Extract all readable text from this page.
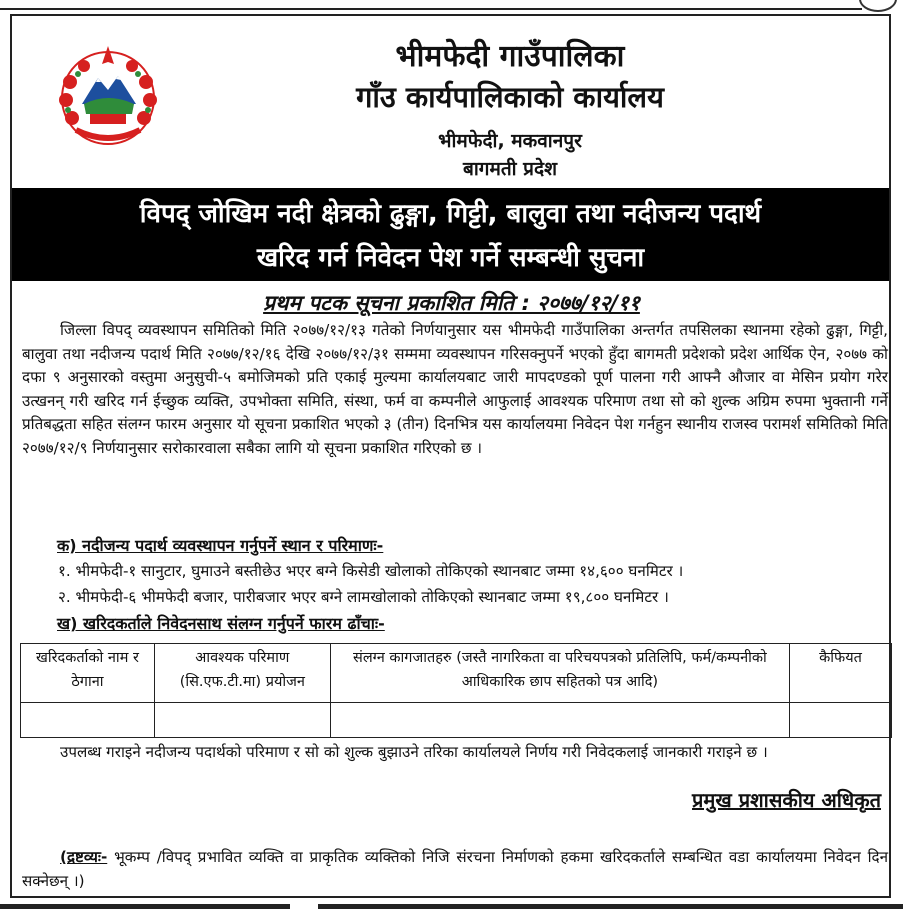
भीमफेदी गाउँपालिका
गाँउ कार्यपालिकाको कार्यालय
भीमफेदी, मकवानपुर
बागमती प्रदेश
विपद् जोखिम नदी क्षेत्रको ढुङ्गा, गिट्टी, बालुवा तथा नदीजन्य पदार्थ
खरिद गर्न निवेदन पेश गर्ने सम्बन्धी सुचना
प्रथम पटक सूचना प्रकाशित मिति : २०७७/१२/११
जिल्ला विपद् व्यवस्थापन समितिको मिति २०७७/१२/१३ गतेको निर्णयानुसार यस भीमफेदी गाउँपालिका अन्तर्गत तपसिलका स्थानमा रहेको ढुङ्गा, गिट्टी, बालुवा तथा नदीजन्य पदार्थ मिति २०७७/१२/१६ देखि २०७७/१२/३१ सम्ममा व्यवस्थापन गरिसक्नुपर्ने भएको हुँदा बागमती प्रदेशको प्रदेश आर्थिक ऐन, २०७७ को दफा ९ अनुसारको वस्तुमा अनुसुची-५ बमोजिमको प्रति एकाई मुल्यमा कार्यालयबाट जारी मापदण्डको पूर्ण पालना गरी आफ्नै औजार वा मेसिन प्रयोग गरेर उत्खनन् गरी खरिद गर्न ईच्छुक व्यक्ति, उपभोक्ता समिति, संस्था, फर्म वा कम्पनीले आफुलाई आवश्यक परिमाण तथा सो को शुल्क अग्रिम रुपमा भुक्तानी गर्ने प्रतिबद्धता सहित संलग्न फारम अनुसार यो सूचना प्रकाशित भएको ३ (तीन) दिनभित्र यस कार्यालयमा निवेदन पेश गर्नहुन स्थानीय राजस्व परामर्श समितिको मिति २०७७/१२/९ निर्णयानुसार सरोकारवाला सबैका लागि यो सूचना प्रकाशित गरिएको छ ।
क) नदीजन्य पदार्थ व्यवस्थापन गर्नुपर्ने स्थान र परिमाणः-
१. भीमफेदी-१ सानुटार, घुमाउने बस्तीछेउ भएर बग्ने किसेडी खोलाको तोकिएको स्थानबाट जम्मा १४,६०० घनमिटर ।
२. भीमफेदी-६ भीमफेदी बजार, पारीबजार भएर बग्ने लामखोलाको तोकिएको स्थानबाट जम्मा १९,८०० घनमिटर ।
ख) खरिदकर्ताले निवेदनसाथ संलग्न गर्नुपर्ने फारम ढाँचाः-
खरिदकर्ताको नाम र ठेगाना	आवश्यक परिमाण (सि.एफ.टी.मा) प्रयोजन	संलग्न कागजातहरु (जस्तै नागरिकता वा परिचयपत्रको प्रतिलिपि, फर्म/कम्पनीको आधिकारिक छाप सहितको पत्र आदि)	कैफियत

उपलब्ध गराइने नदीजन्य पदार्थको परिमाण र सो को शुल्क बुझाउने तरिका कार्यालयले निर्णय गरी निवेदकलाई जानकारी गराइने छ ।
प्रमुख प्रशासकीय अधिकृत
(द्रष्टव्यः- भूकम्प /विपद् प्रभावित व्यक्ति वा प्राकृतिक व्यक्तिको निजि संरचना निर्माणको हकमा खरिदकर्ताले सम्बन्धित वडा कार्यालयमा निवेदन दिन सक्नेछन् ।)
